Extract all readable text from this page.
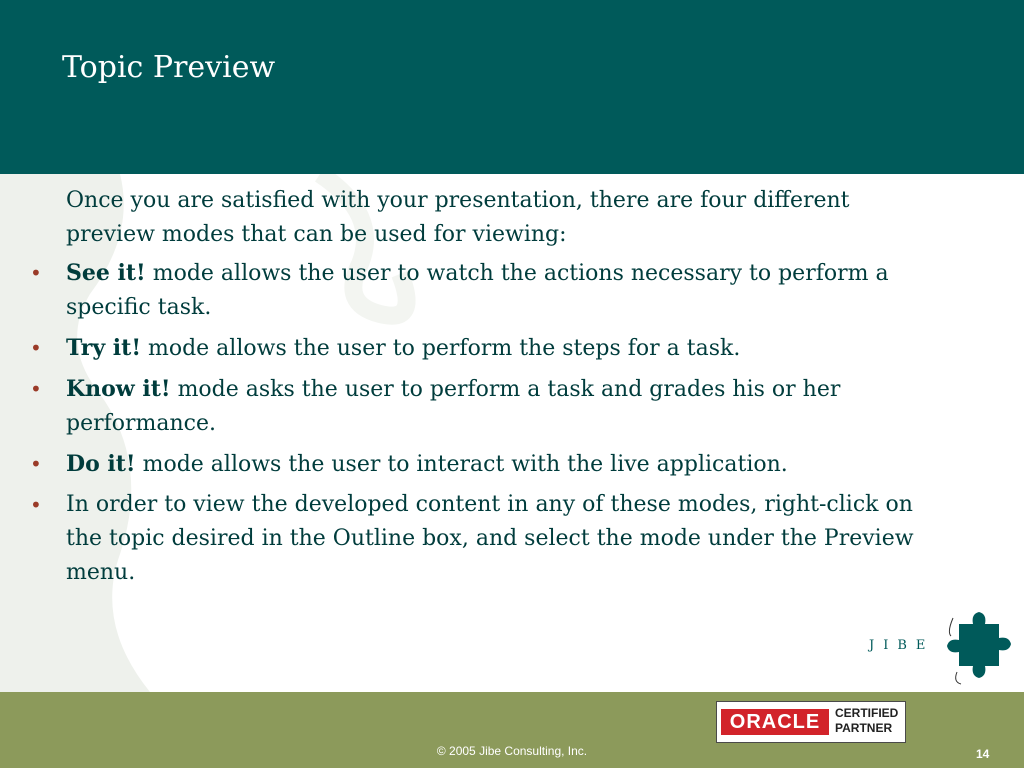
Topic Preview

Once you are satisfied with your presentation, there are four different preview modes that can be used for viewing:

• See it! mode allows the user to watch the actions necessary to perform a specific task.
• Try it! mode allows the user to perform the steps for a task.
• Know it! mode asks the user to perform a task and grades his or her performance.
• Do it! mode allows the user to interact with the live application.
• In order to view the developed content in any of these modes, right-click on the topic desired in the Outline box, and select the mode under the Preview menu.
JIBE
ORACLE	CERTIFIED
PARTNER
© 2005 Jibe Consulting, Inc.	14
